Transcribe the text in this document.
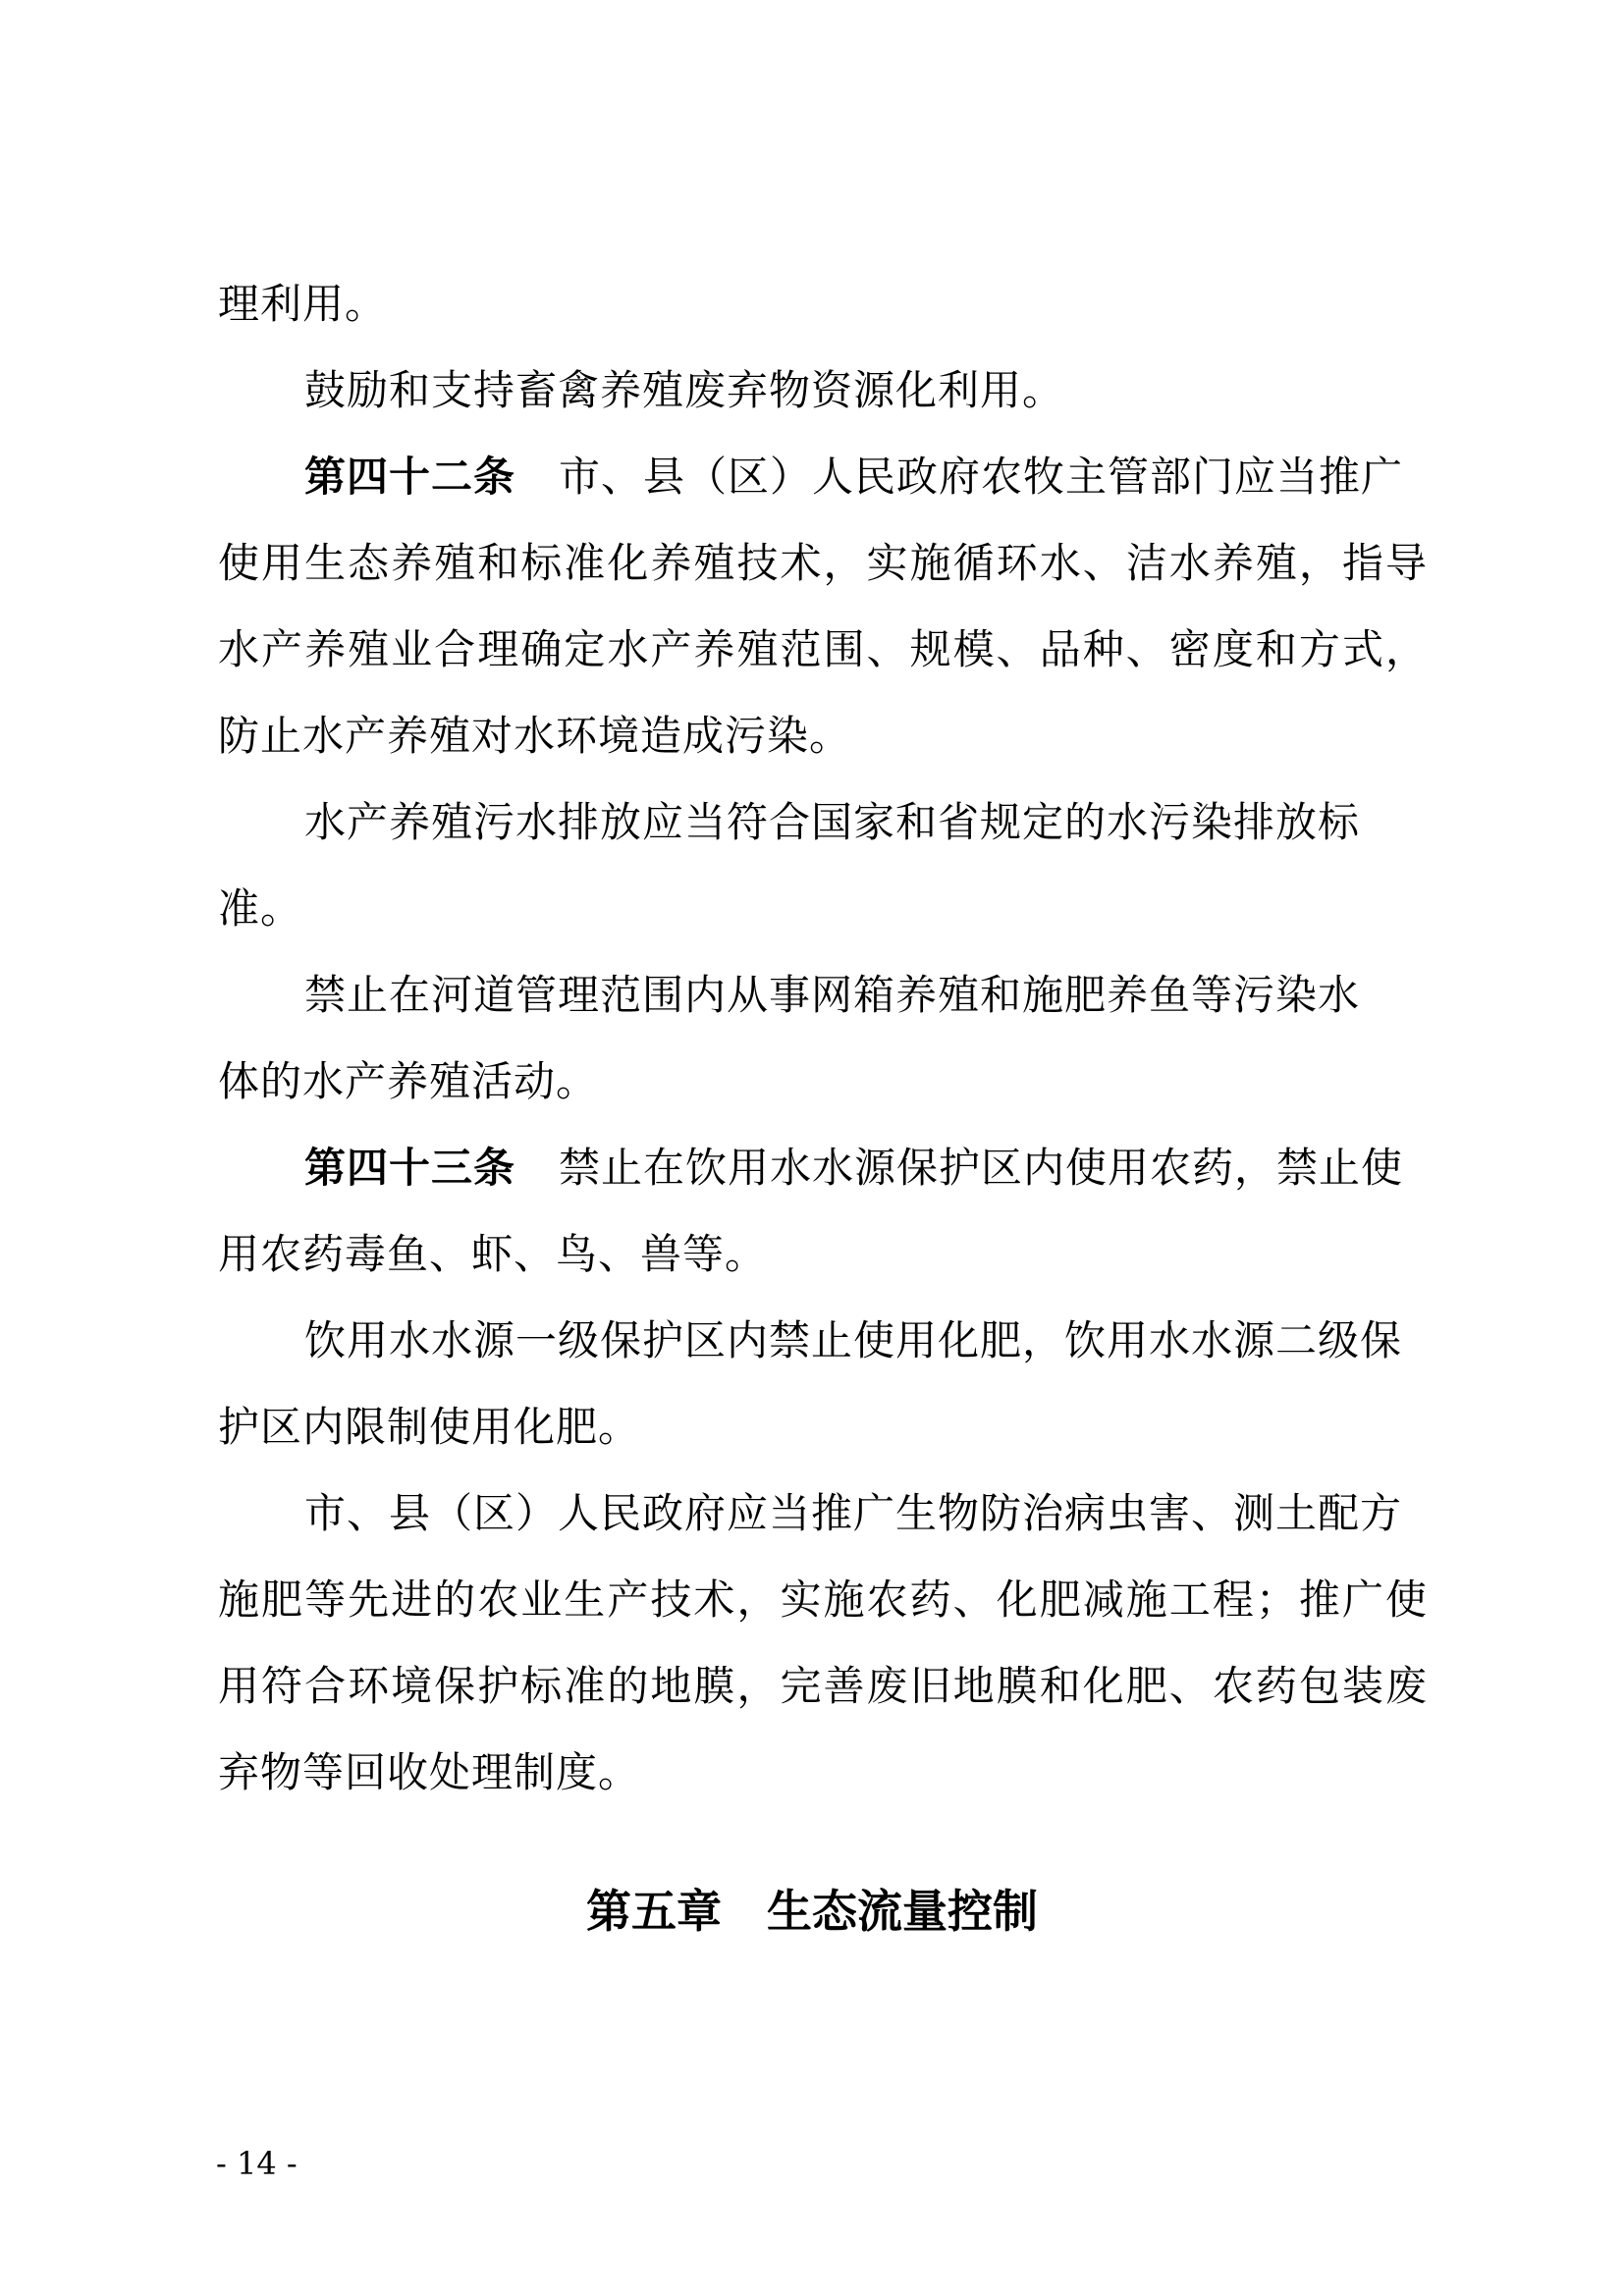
理利用。
鼓励和支持畜禽养殖废弃物资源化利用。
第四十二条 市、县（区）人民政府农牧主管部门应当推广
使用生态养殖和标准化养殖技术，实施循环水、洁水养殖，指导
水产养殖业合理确定水产养殖范围、规模、品种、密度和方式，
防止水产养殖对水环境造成污染。
水产养殖污水排放应当符合国家和省规定的水污染排放标
准。
禁止在河道管理范围内从事网箱养殖和施肥养鱼等污染水
体的水产养殖活动。
第四十三条 禁止在饮用水水源保护区内使用农药，禁止使
用农药毒鱼、虾、鸟、兽等。
饮用水水源一级保护区内禁止使用化肥，饮用水水源二级保
护区内限制使用化肥。
市、县（区）人民政府应当推广生物防治病虫害、测土配方
施肥等先进的农业生产技术，实施农药、化肥减施工程；推广使
用符合环境保护标准的地膜，完善废旧地膜和化肥、农药包装废
弃物等回收处理制度。
第五章 生态流量控制
- 14 -
